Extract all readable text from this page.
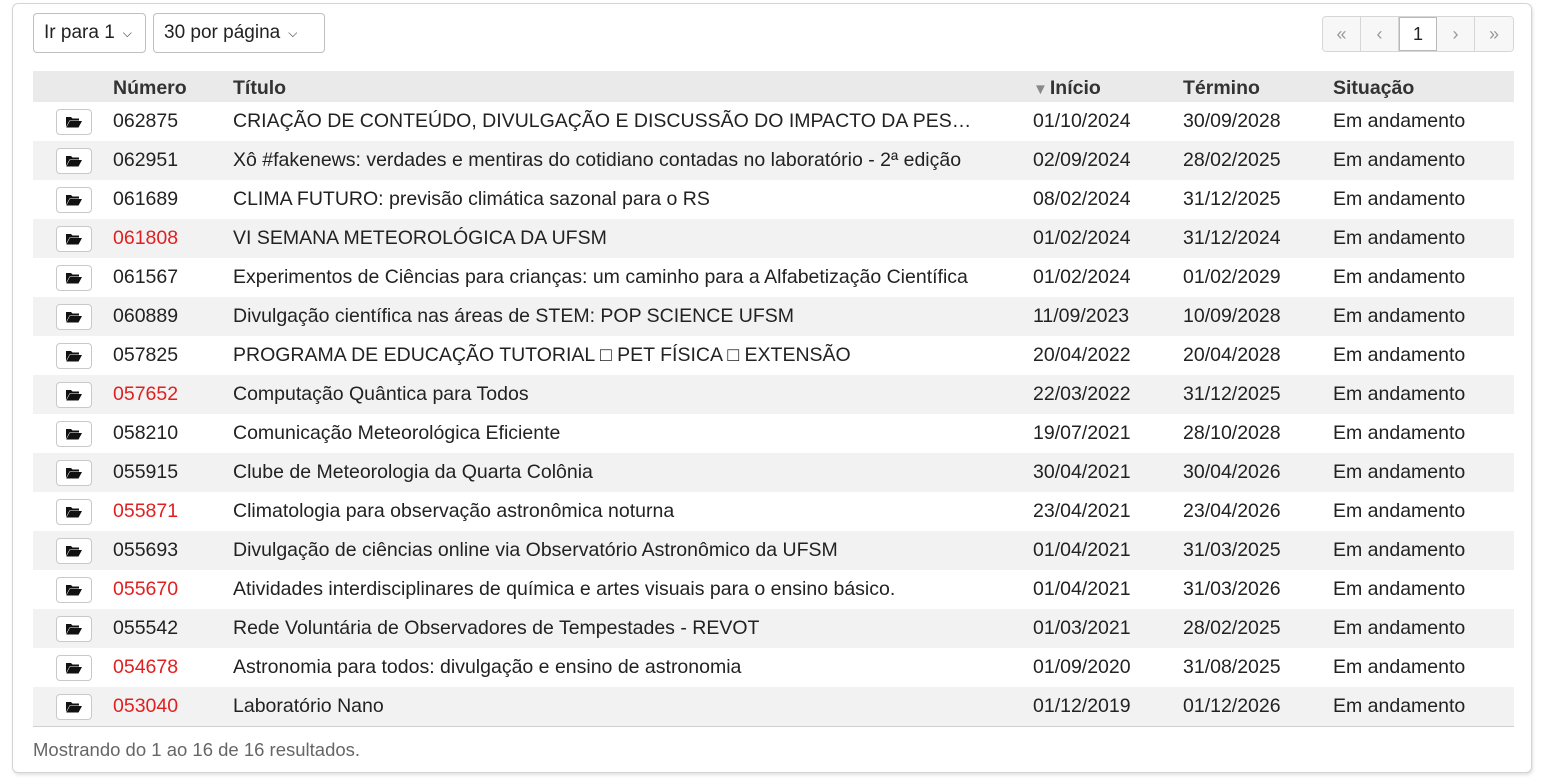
Ir para 1 ⌵ 30 por página ⌵	«	‹	1	›	»
	Número	Título	▼ Início	Término	Situação

	062875	CRIAÇÃO DE CONTEÚDO, DIVULGAÇÃO E DISCUSSÃO DO IMPACTO DA PES…	01/10/2024	30/09/2028	Em andamento

	062951	Xô #fakenews: verdades e mentiras do cotidiano contadas no laboratório - 2ª edição	02/09/2024	28/02/2025	Em andamento

	061689	CLIMA FUTURO: previsão climática sazonal para o RS	08/02/2024	31/12/2025	Em andamento

	061808	VI SEMANA METEOROLÓGICA DA UFSM	01/02/2024	31/12/2024	Em andamento

	061567	Experimentos de Ciências para crianças: um caminho para a Alfabetização Científica	01/02/2024	01/02/2029	Em andamento

	060889	Divulgação científica nas áreas de STEM: POP SCIENCE UFSM	11/09/2023	10/09/2028	Em andamento

	057825	PROGRAMA DE EDUCAÇÃO TUTORIAL □ PET FÍSICA □ EXTENSÃO	20/04/2022	20/04/2028	Em andamento

	057652	Computação Quântica para Todos	22/03/2022	31/12/2025	Em andamento

	058210	Comunicação Meteorológica Eficiente	19/07/2021	28/10/2028	Em andamento

	055915	Clube de Meteorologia da Quarta Colônia	30/04/2021	30/04/2026	Em andamento

	055871	Climatologia para observação astronômica noturna	23/04/2021	23/04/2026	Em andamento

	055693	Divulgação de ciências online via Observatório Astronômico da UFSM	01/04/2021	31/03/2025	Em andamento

	055670	Atividades interdisciplinares de química e artes visuais para o ensino básico.	01/04/2021	31/03/2026	Em andamento

	055542	Rede Voluntária de Observadores de Tempestades - REVOT	01/03/2021	28/02/2025	Em andamento

	054678	Astronomia para todos: divulgação e ensino de astronomia	01/09/2020	31/08/2025	Em andamento

	053040	Laboratório Nano	01/12/2019	01/12/2026	Em andamento
Mostrando do 1 ao 16 de 16 resultados.
